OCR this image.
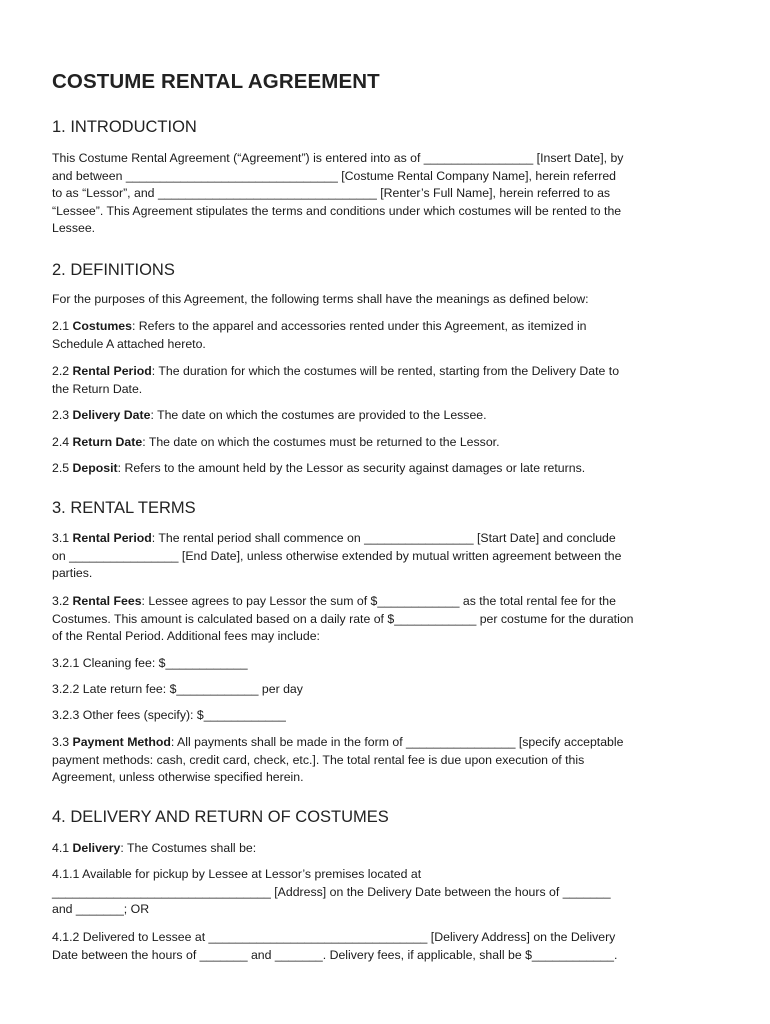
COSTUME RENTAL AGREEMENT
1. INTRODUCTION

This Costume Rental Agreement (“Agreement”) is entered into as of ________________ [Insert Date], by
and between _______________________________ [Costume Rental Company Name], herein referred
to as “Lessor”, and ________________________________ [Renter’s Full Name], herein referred to as
“Lessee”. This Agreement stipulates the terms and conditions under which costumes will be rented to the
Lessee.

2. DEFINITIONS

For the purposes of this Agreement, the following terms shall have the meanings as defined below:

2.1 Costumes: Refers to the apparel and accessories rented under this Agreement, as itemized in
Schedule A attached hereto.

2.2 Rental Period: The duration for which the costumes will be rented, starting from the Delivery Date to
the Return Date.

2.3 Delivery Date: The date on which the costumes are provided to the Lessee.

2.4 Return Date: The date on which the costumes must be returned to the Lessor.

2.5 Deposit: Refers to the amount held by the Lessor as security against damages or late returns.

3. RENTAL TERMS

3.1 Rental Period: The rental period shall commence on ________________ [Start Date] and conclude
on ________________ [End Date], unless otherwise extended by mutual written agreement between the
parties.

3.2 Rental Fees: Lessee agrees to pay Lessor the sum of $____________ as the total rental fee for the
Costumes. This amount is calculated based on a daily rate of $____________ per costume for the duration
of the Rental Period. Additional fees may include:

3.2.1 Cleaning fee: $____________

3.2.2 Late return fee: $____________ per day

3.2.3 Other fees (specify): $____________

3.3 Payment Method: All payments shall be made in the form of ________________ [specify acceptable
payment methods: cash, credit card, check, etc.]. The total rental fee is due upon execution of this
Agreement, unless otherwise specified herein.

4. DELIVERY AND RETURN OF COSTUMES

4.1 Delivery: The Costumes shall be:

4.1.1 Available for pickup by Lessee at Lessor’s premises located at
________________________________ [Address] on the Delivery Date between the hours of _______
and _______; OR

4.1.2 Delivered to Lessee at ________________________________ [Delivery Address] on the Delivery
Date between the hours of _______ and _______. Delivery fees, if applicable, shall be $____________.
